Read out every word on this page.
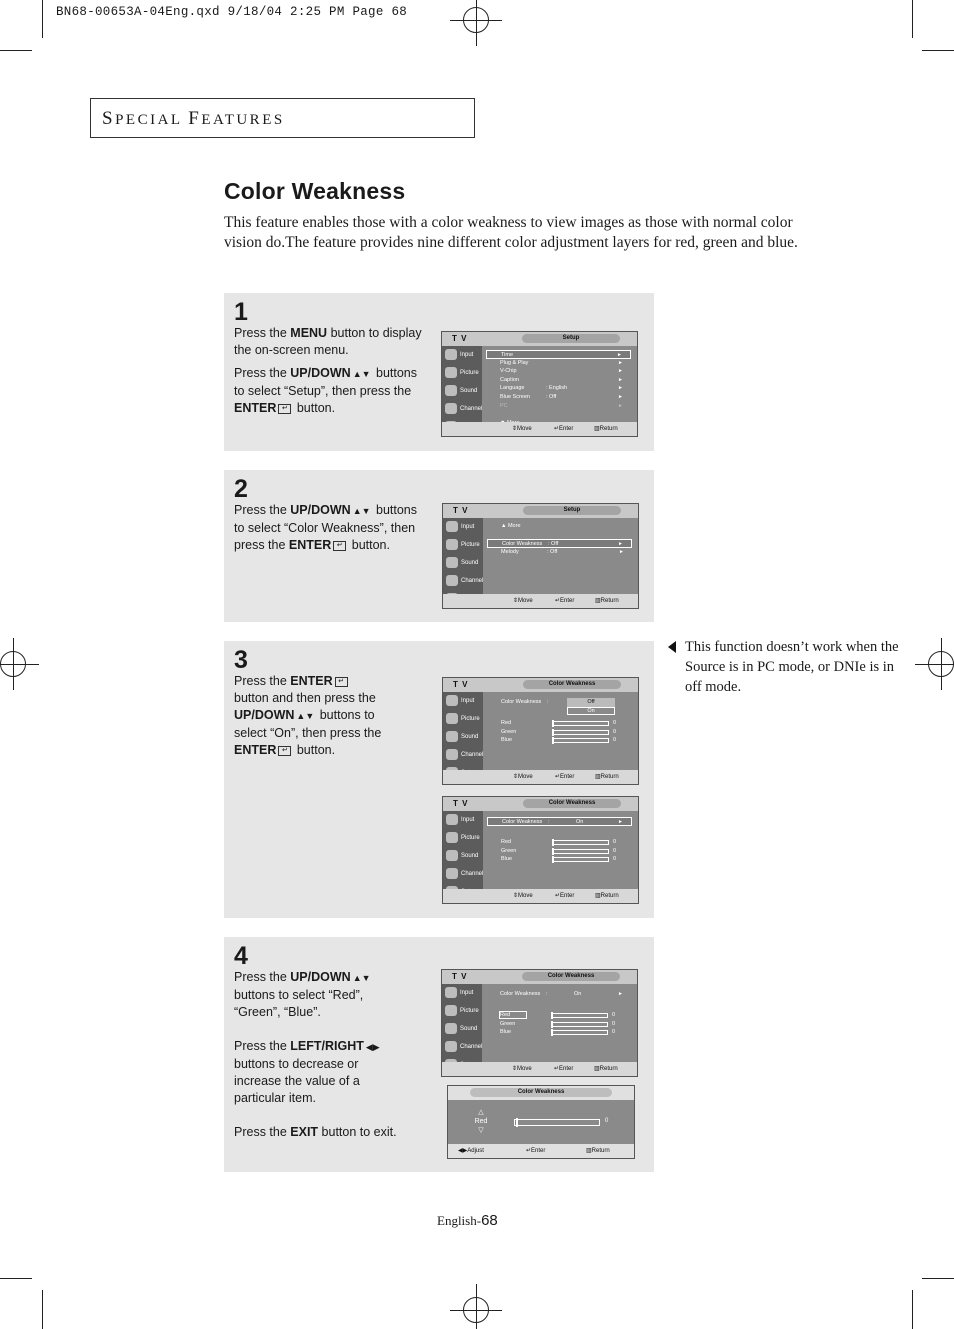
BN68-00653A-04Eng.qxd 9/18/04 2:25 PM Page 68
SPECIAL FEATURES
Color Weakness

This feature enables those with a color weakness to view images as those with normal color vision do.The feature provides nine different color adjustment layers for red, green and blue.

1

Press the MENU button to display the on-screen menu.

Press the UP/DOWN ▲▼ buttons to select “Setup”, then press the ENTER ↵ button.

T V	Setup
Input
Picture
Sound
Channel
Time	►
Plug & Play	►
V-Chip	►
Caption	►
Language	: English	►
Blue Screen	: Off	►
PC	►
⇕ Move	↵ Enter	▥ Return
2

Press the UP/DOWN ▲▼ buttons to select “Color Weakness”, then press the ENTER ↵ button.

T V	Setup
Input
Picture
Sound
Channel
▲ More
Color Weakness : Off	►
Melody	: Off	►
⇕ Move	↵ Enter	▥ Return
3

Press the ENTER ↵ button and then press the UP/DOWN ▲▼ buttons to select “On”, then press the ENTER ↵ button.

T V	Color Weakness
Input
Picture
Sound
Channel
Color Weakness :	Off
On
Red	0
Green	0
Blue	0
⇕ Move	↵ Enter	▥ Return
T V	Color Weakness
Input
Picture
Sound
Channel
Color Weakness :	On	►
Red	0
Green	0
Blue	0
⇕ Move	↵ Enter	▥ Return
This function doesn’t work when the Source is in PC mode, or DNIe is in off mode.
4

Press the UP/DOWN ▲▼ buttons to select “Red”, “Green”, “Blue”.

Press the LEFT/RIGHT ◀▶ buttons to decrease or increase the value of a particular item.

Press the EXIT button to exit.

T V	Color Weakness
Input
Picture
Sound
Channel
Color Weakness :	On	►
Red	0
Green	0
Blue	0
⇕ Move	↵ Enter	▥ Return
Color Weakness
△
Red
▽
0
◀▶ Adjust	↵ Enter	▥ Return
English-68
